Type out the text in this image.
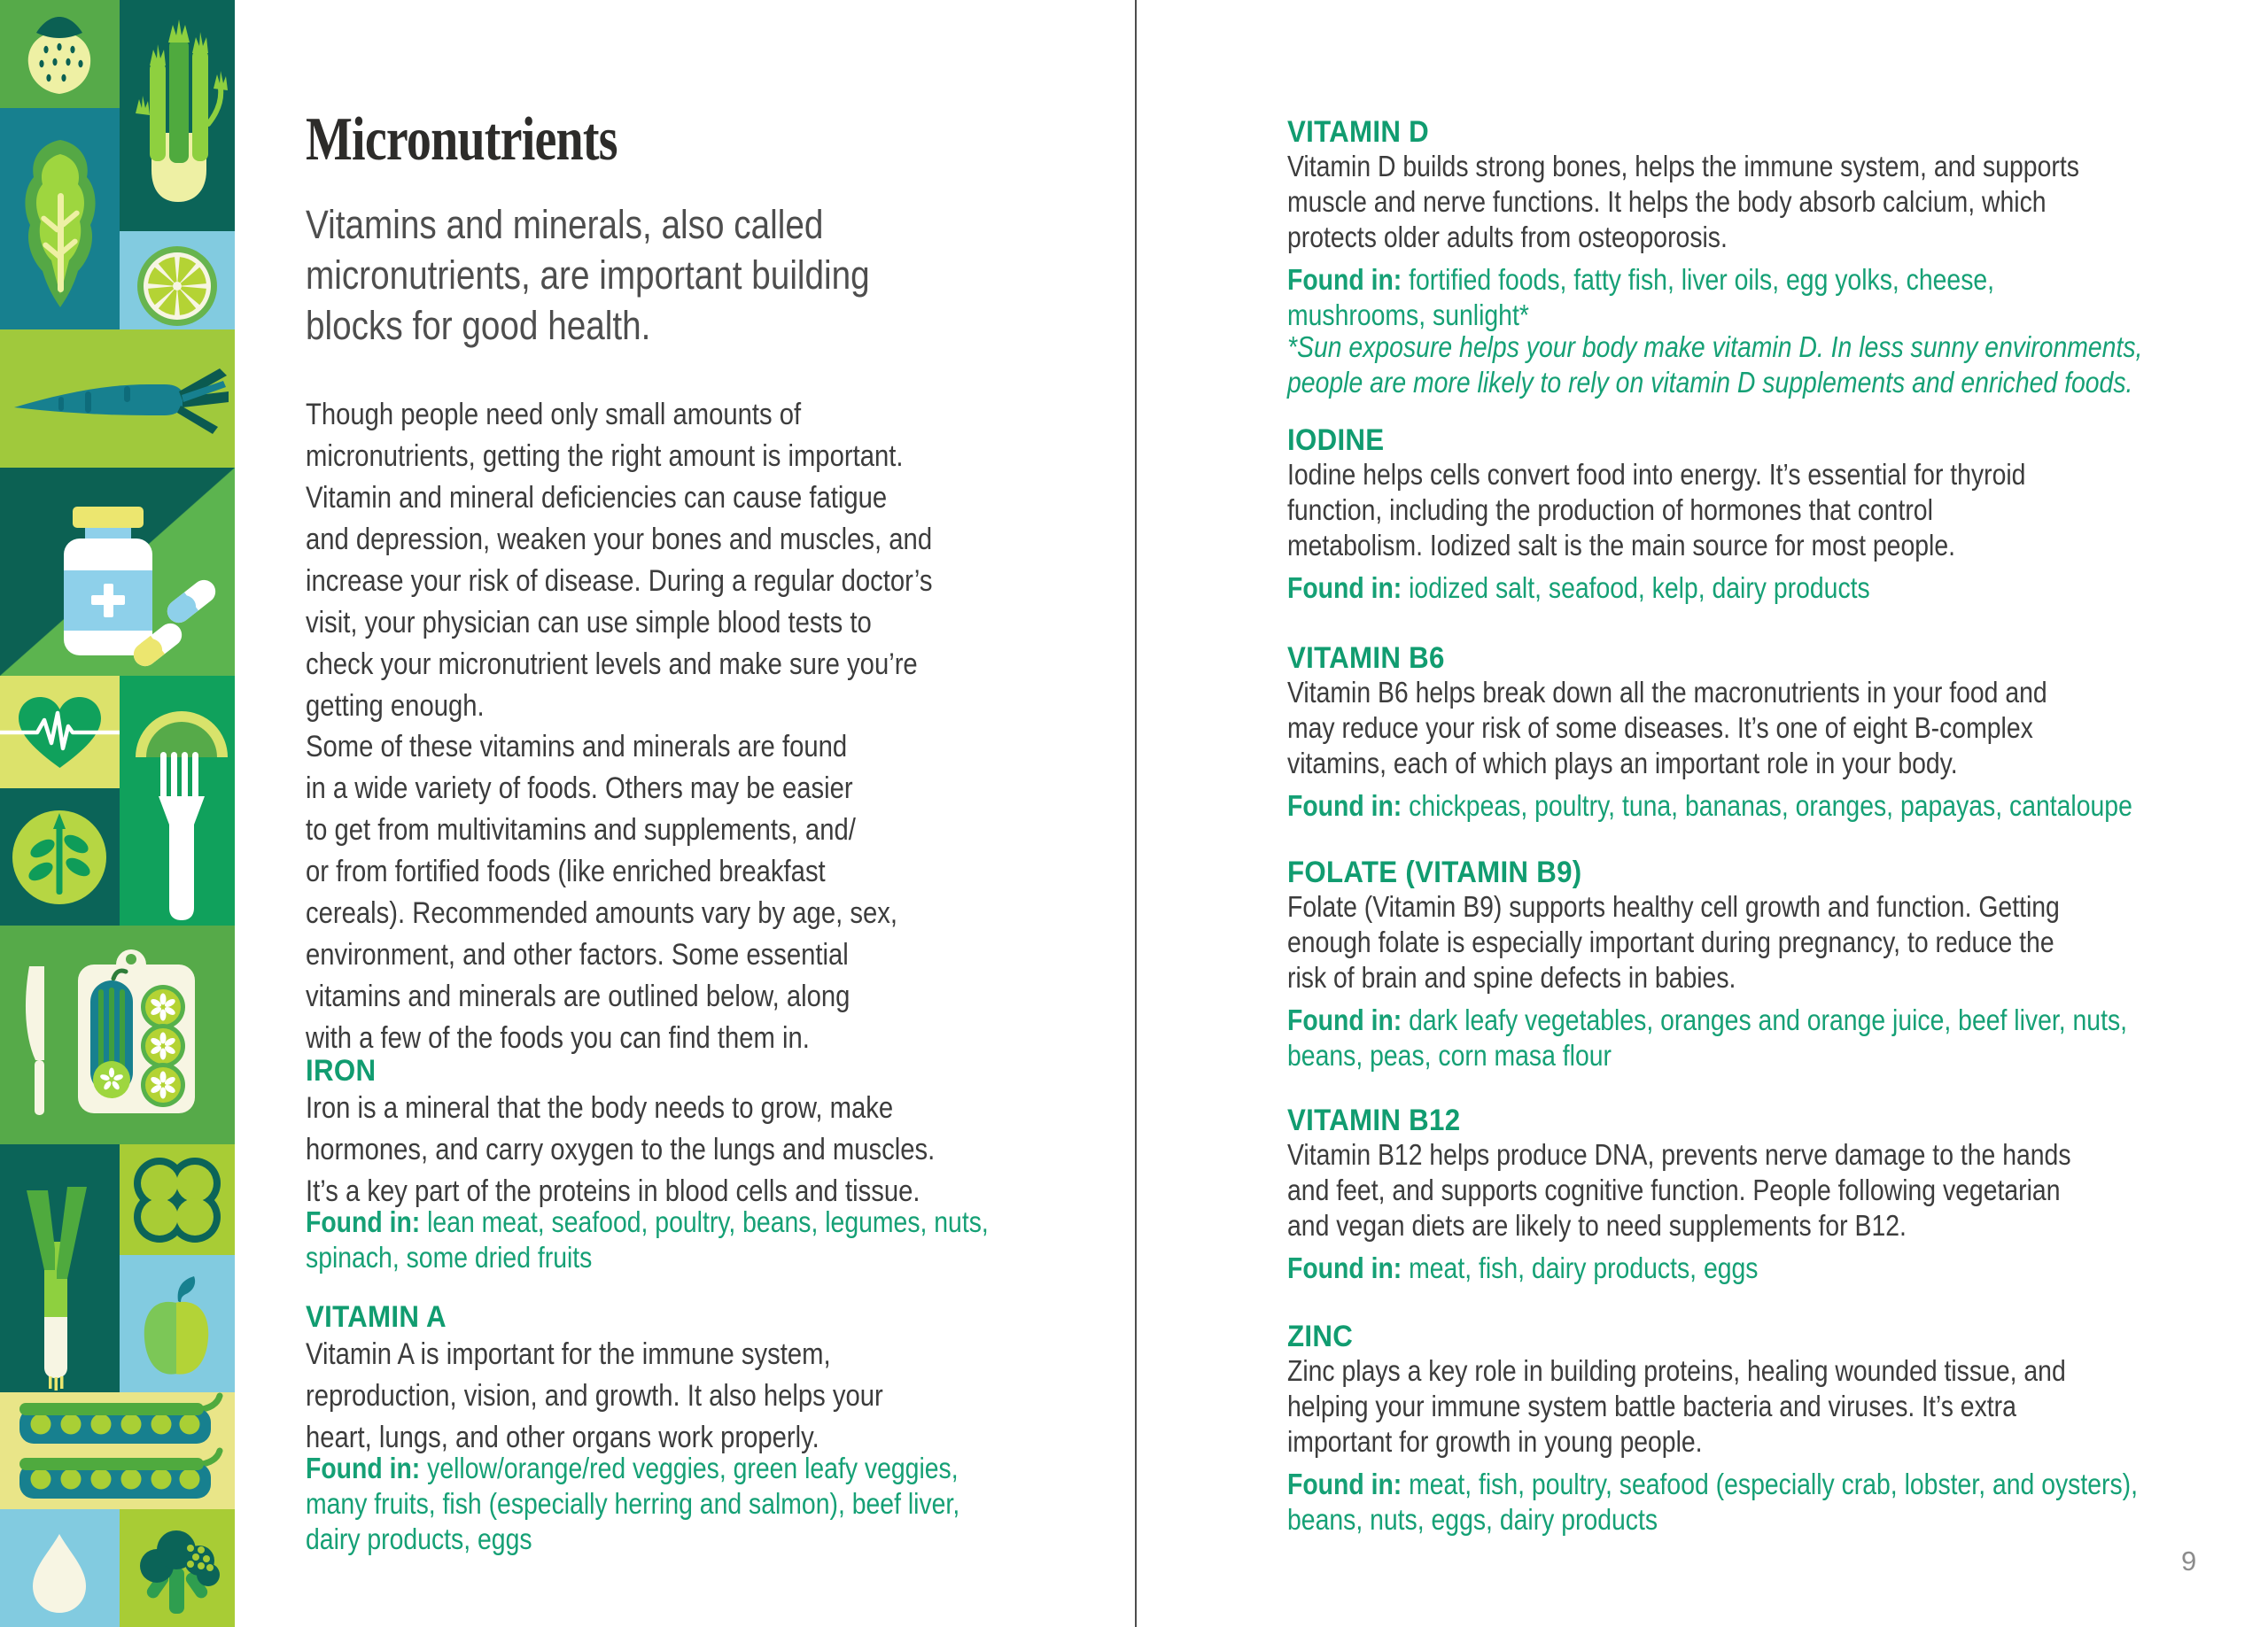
Micronutrients
Vitamins and minerals, also called
micronutrients, are important building
blocks for good health.
Though people need only small amounts of
micronutrients, getting the right amount is important.
Vitamin and mineral deficiencies can cause fatigue
and depression, weaken your bones and muscles, and
increase your risk of disease. During a regular doctor’s
visit, your physician can use simple blood tests to
check your micronutrient levels and make sure you’re
getting enough.
Some of these vitamins and minerals are found
in a wide variety of foods. Others may be easier
to get from multivitamins and supplements, and/
or from fortified foods (like enriched breakfast
cereals). Recommended amounts vary by age, sex,
environment, and other factors. Some essential
vitamins and minerals are outlined below, along
with a few of the foods you can find them in.
IRON
Iron is a mineral that the body needs to grow, make
hormones, and carry oxygen to the lungs and muscles.
It’s a key part of the proteins in blood cells and tissue.
Found in: lean meat, seafood, poultry, beans, legumes, nuts,
spinach, some dried fruits
VITAMIN A
Vitamin A is important for the immune system,
reproduction, vision, and growth. It also helps your
heart, lungs, and other organs work properly.
Found in: yellow/orange/red veggies, green leafy veggies,
many fruits, fish (especially herring and salmon), beef liver,
dairy products, eggs
VITAMIN D
Vitamin D builds strong bones, helps the immune system, and supports
muscle and nerve functions. It helps the body absorb calcium, which
protects older adults from osteoporosis.
Found in: fortified foods, fatty fish, liver oils, egg yolks, cheese,
mushrooms, sunlight*
*Sun exposure helps your body make vitamin D. In less sunny environments,
people are more likely to rely on vitamin D supplements and enriched foods.
IODINE
Iodine helps cells convert food into energy. It’s essential for thyroid
function, including the production of hormones that control
metabolism. Iodized salt is the main source for most people.
Found in: iodized salt, seafood, kelp, dairy products
VITAMIN B6
Vitamin B6 helps break down all the macronutrients in your food and
may reduce your risk of some diseases. It’s one of eight B-complex
vitamins, each of which plays an important role in your body.
Found in: chickpeas, poultry, tuna, bananas, oranges, papayas, cantaloupe
FOLATE (VITAMIN B9)
Folate (Vitamin B9) supports healthy cell growth and function. Getting
enough folate is especially important during pregnancy, to reduce the
risk of brain and spine defects in babies.
Found in: dark leafy vegetables, oranges and orange juice, beef liver, nuts,
beans, peas, corn masa flour
VITAMIN B12
Vitamin B12 helps produce DNA, prevents nerve damage to the hands
and feet, and supports cognitive function. People following vegetarian
and vegan diets are likely to need supplements for B12.
Found in: meat, fish, dairy products, eggs
ZINC
Zinc plays a key role in building proteins, healing wounded tissue, and
helping your immune system battle bacteria and viruses. It’s extra
important for growth in young people.
Found in: meat, fish, poultry, seafood (especially crab, lobster, and oysters),
beans, nuts, eggs, dairy products
9
